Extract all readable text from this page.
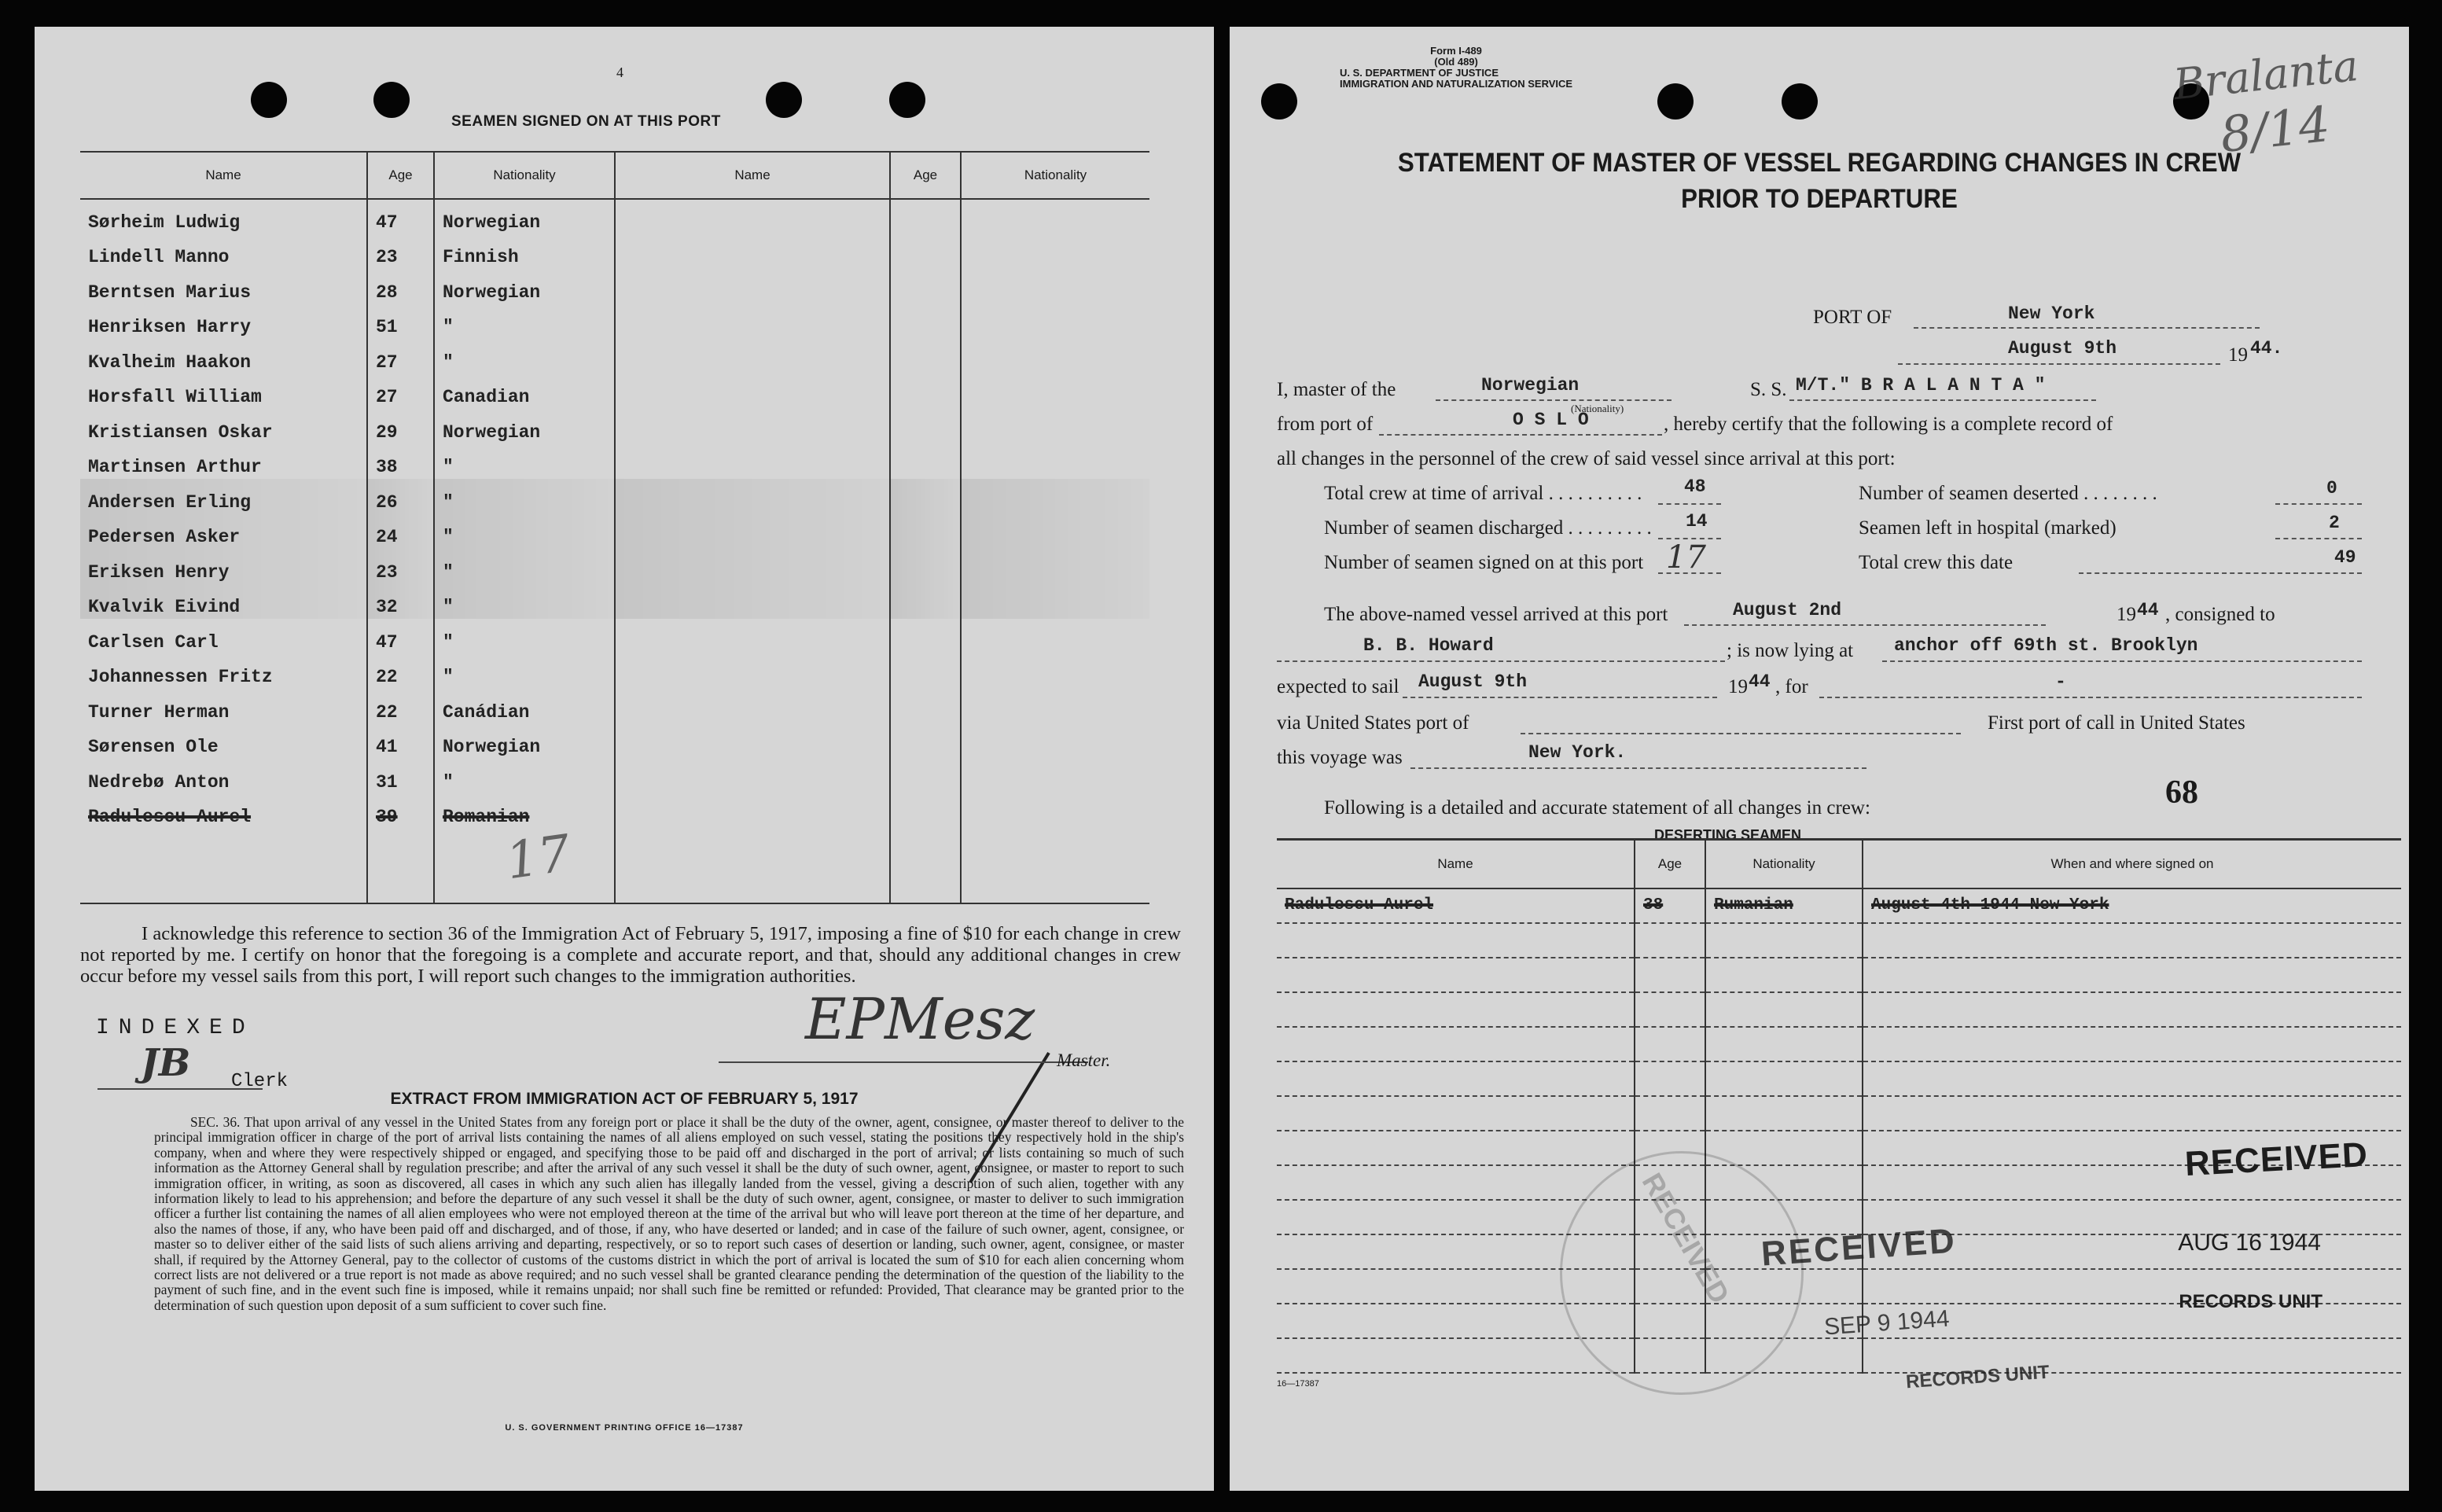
4
SEAMEN SIGNED ON AT THIS PORT
Name	Age	Nationality	Name	Age	Nationality
Sørheim Ludwig	47	Norwegian			
Lindell Manno	23	Finnish			
Berntsen Marius	28	Norwegian			
Henriksen Harry	51	"			
Kvalheim Haakon	27	"			
Horsfall William	27	Canadian			
Kristiansen Oskar	29	Norwegian			
Martinsen Arthur	38	"			
Andersen Erling	26	"			
Pedersen Asker	24	"			
Eriksen Henry	23	"			
Kvalvik Eivind	32	"			
Carlsen Carl	47	"			
Johannessen Fritz	22	"			
Turner Herman	22	Canádian			
Sørensen Ole	41	Norwegian			
Nedrebø Anton	31	"			
Radulescu Aurel	39	Romanian			

17

I acknowledge this reference to section 36 of the Immigration Act of February 5, 1917, imposing a fine of $10 for each change in crew not reported by me. I certify on honor that the foregoing is a complete and accurate report, and that, should any additional changes in crew occur before my vessel sails from this port, I will report such changes to the immigration authorities.

INDEXED
JB Clerk
EPMesz
Master.
EXTRACT FROM IMMIGRATION ACT OF FEBRUARY 5, 1917

SEC. 36. That upon arrival of any vessel in the United States from any foreign port or place it shall be the duty of the owner, agent, consignee, or master thereof to deliver to the principal immigration officer in charge of the port of arrival lists containing the names of all aliens employed on such vessel, stating the positions they respectively hold in the ship's company, when and where they were respectively shipped or engaged, and specifying those to be paid off and discharged in the port of arrival; or lists containing so much of such information as the Attorney General shall by regulation prescribe; and after the arrival of any such vessel it shall be the duty of such owner, agent, consignee, or master to report to such immigration officer, in writing, as soon as discovered, all cases in which any such alien has illegally landed from the vessel, giving a description of such alien, together with any information likely to lead to his apprehension; and before the departure of any such vessel it shall be the duty of such owner, agent, consignee, or master to deliver to such immigration officer a further list containing the names of all alien employees who were not employed thereon at the time of the arrival but who will leave port thereon at the time of her departure, and also the names of those, if any, who have been paid off and discharged, and of those, if any, who have deserted or landed; and in case of the failure of such owner, agent, consignee, or master so to deliver either of the said lists of such aliens arriving and departing, respectively, or so to report such cases of desertion or landing, such owner, agent, consignee, or master shall, if required by the Attorney General, pay to the collector of customs of the customs district in which the port of arrival is located the sum of $10 for each alien concerning whom correct lists are not delivered or a true report is not made as above required; and no such vessel shall be granted clearance pending the determination of the question of the liability to the payment of such fine, and in the event such fine is imposed, while it remains unpaid; nor shall such fine be remitted or refunded: Provided, That clearance may be granted prior to the determination of such question upon deposit of a sum sufficient to cover such fine.

U. S. GOVERNMENT PRINTING OFFICE 16—17387
Form I-489
(Old 489)
U. S. DEPARTMENT OF JUSTICE
IMMIGRATION AND NATURALIZATION SERVICE	Bralanta
8/14
STATEMENT OF MASTER OF VESSEL REGARDING CHANGES IN CREW
PRIOR TO DEPARTURE
PORT OF	New York
August 9th	19 44.
I, master of the	Norwegian
(Nationality)
S. S. M/T." B R A L A N T A "
from port of	O S L O	, hereby certify that the following is a complete record of
all changes in the personnel of the crew of said vessel since arrival at this port:
Total crew at time of arrival . . . . . . . . . . 48	Number of seamen deserted . . . . . . . .	0
Number of seamen discharged . . . . . . . . . 14	Seamen left in hospital (marked)	2
Number of seamen signed on at this port 17	Total crew this date	49
The above-named vessel arrived at this port	August 2nd	19 44 , consigned to
B. B. Howard	; is now lying at anchor off 69th st. Brooklyn
expected to sail August 9th	19 44 , for	-
via United States port of	First port of call in United States
this voyage was	New York.
Following is a detailed and accurate statement of all changes in crew:	68
DESERTING SEAMEN
Name	Age	Nationality	When and where signed on
Radulescu Aurel	38	Rumanian	August 4th 1944 New York

RECEIVED
AUG 16 1944
RECORDS UNIT
RECEIVED
SEP 9 1944
RECORDS UNIT
RECEIVED
16—17387
